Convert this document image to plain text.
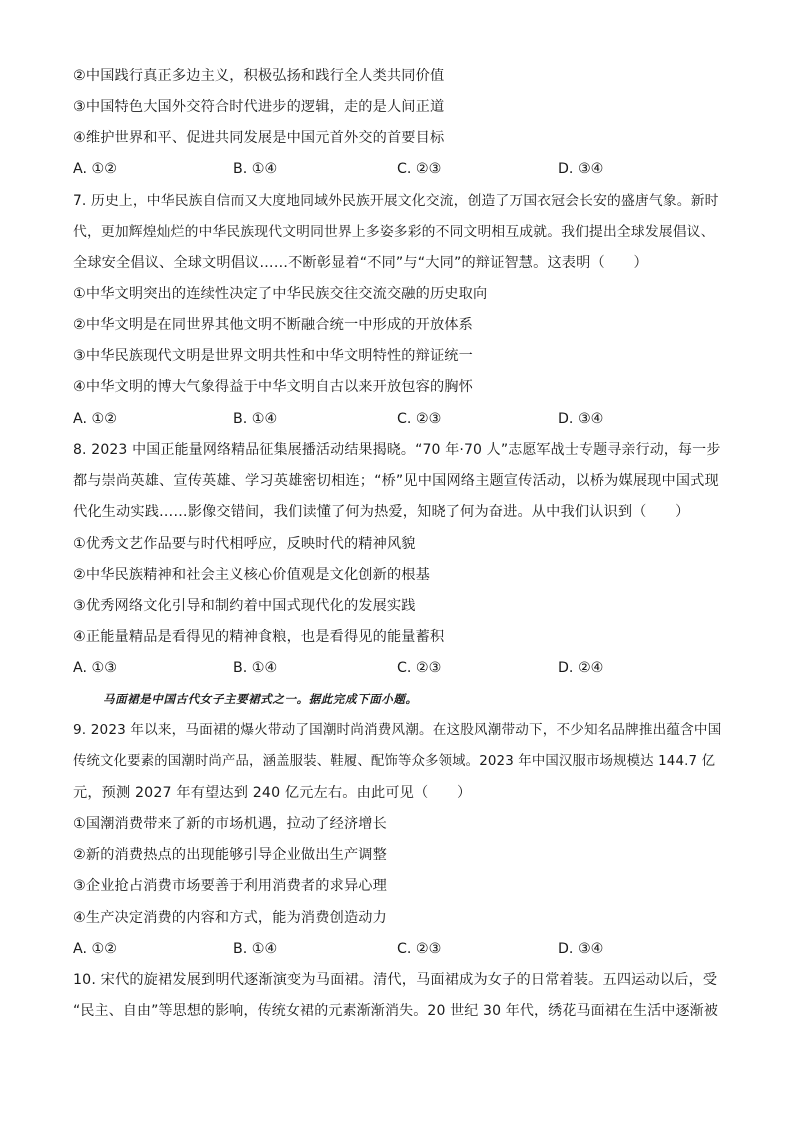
②中国践行真正多边主义，积极弘扬和践行全人类共同价值
③中国特色大国外交符合时代进步的逻辑，走的是人间正道
④维护世界和平、促进共同发展是中国元首外交的首要目标
A. ①②	B. ①④	C. ②③	D. ③④
7. 历史上，中华民族自信而又大度地同域外民族开展文化交流，创造了万国衣冠会长安的盛唐气象。新时
代，更加辉煌灿烂的中华民族现代文明同世界上多姿多彩的不同文明相互成就。我们提出全球发展倡议、
全球安全倡议、全球文明倡议……不断彰显着“不同”与“大同”的辩证智慧。这表明（　　）
①中华文明突出的连续性决定了中华民族交往交流交融的历史取向
②中华文明是在同世界其他文明不断融合统一中形成的开放体系
③中华民族现代文明是世界文明共性和中华文明特性的辩证统一
④中华文明的博大气象得益于中华文明自古以来开放包容的胸怀
A. ①②	B. ①④	C. ②③	D. ③④
8. 2023 中国正能量网络精品征集展播活动结果揭晓。“70 年·70 人”志愿军战士专题寻亲行动，每一步
都与崇尚英雄、宣传英雄、学习英雄密切相连；“桥”见中国网络主题宣传活动，以桥为媒展现中国式现
代化生动实践……影像交错间，我们读懂了何为热爱，知晓了何为奋进。从中我们认识到（　　）
①优秀文艺作品要与时代相呼应，反映时代的精神风貌
②中华民族精神和社会主义核心价值观是文化创新的根基
③优秀网络文化引导和制约着中国式现代化的发展实践
④正能量精品是看得见的精神食粮，也是看得见的能量蓄积
A. ①③	B. ①④	C. ②③	D. ②④
马面裙是中国古代女子主要裙式之一。据此完成下面小题。
9. 2023 年以来，马面裙的爆火带动了国潮时尚消费风潮。在这股风潮带动下，不少知名品牌推出蕴含中国
传统文化要素的国潮时尚产品，涵盖服装、鞋履、配饰等众多领域。2023 年中国汉服市场规模达 144.7 亿
元，预测 2027 年有望达到 240 亿元左右。由此可见（　　）
①国潮消费带来了新的市场机遇，拉动了经济增长
②新的消费热点的出现能够引导企业做出生产调整
③企业抢占消费市场要善于利用消费者的求异心理
④生产决定消费的内容和方式，能为消费创造动力
A. ①②	B. ①④	C. ②③	D. ③④
10. 宋代的旋裙发展到明代逐渐演变为马面裙。清代，马面裙成为女子的日常着装。五四运动以后，受
“民主、自由”等思想的影响，传统女裙的元素渐渐消失。20 世纪 30 年代，绣花马面裙在生活中逐渐被
